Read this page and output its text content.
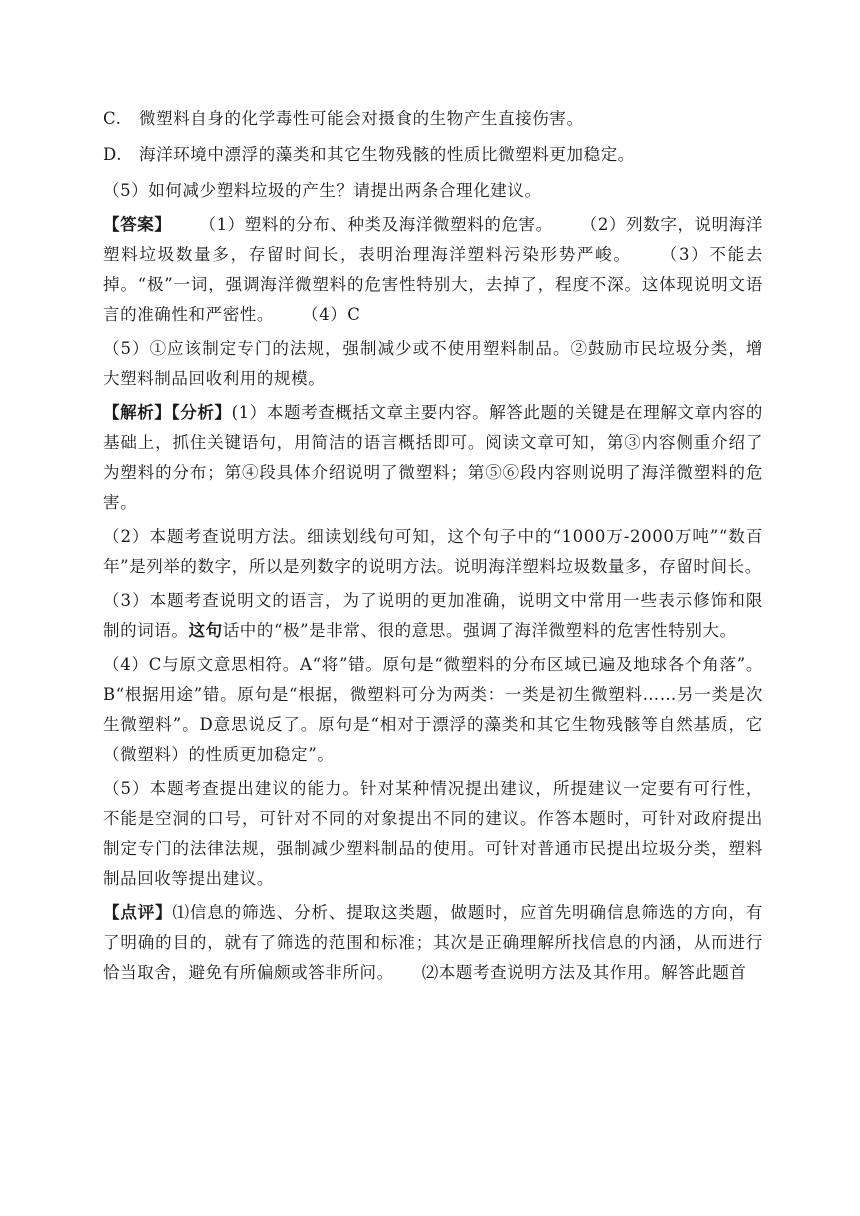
C. 微塑料自身的化学毒性可能会对摄食的生物产生直接伤害。

D. 海洋环境中漂浮的藻类和其它生物残骸的性质比微塑料更加稳定。

（5）如何减少塑料垃圾的产生？请提出两条合理化建议。

【答案】 （1）塑料的分布、种类及海洋微塑料的危害。 （2）列数字，说明海洋塑料垃圾数量多，存留时间长，表明治理海洋塑料污染形势严峻。 （3）不能去掉。“极”一词，强调海洋微塑料的危害性特别大，去掉了，程度不深。这体现说明文语言的准确性和严密性。 （4）C

（5）①应该制定专门的法规，强制减少或不使用塑料制品。②鼓励市民垃圾分类，增大塑料制品回收利用的规模。

【解析】【分析】(1）本题考查概括文章主要内容。解答此题的关键是在理解文章内容的基础上，抓住关键语句，用简洁的语言概括即可。阅读文章可知，第③内容侧重介绍了为塑料的分布；第④段具体介绍说明了微塑料；第⑤⑥段内容则说明了海洋微塑料的危害。

（2）本题考查说明方法。细读划线句可知，这个句子中的“1000万-2000万吨”“数百年”是列举的数字，所以是列数字的说明方法。说明海洋塑料垃圾数量多，存留时间长。

（3）本题考查说明文的语言，为了说明的更加准确，说明文中常用一些表示修饰和限制的词语。这句话中的“极”是非常、很的意思。强调了海洋微塑料的危害性特别大。

（4）C与原文意思相符。A“将”错。原句是“微塑料的分布区域已遍及地球各个角落”。B“根据用途”错。原句是“根据，微塑料可分为两类：一类是初生微塑料……另一类是次生微塑料”。D意思说反了。原句是“相对于漂浮的藻类和其它生物残骸等自然基质，它（微塑料）的性质更加稳定”。

（5）本题考查提出建议的能力。针对某种情况提出建议，所提建议一定要有可行性，不能是空洞的口号，可针对不同的对象提出不同的建议。作答本题时，可针对政府提出制定专门的法律法规，强制减少塑料制品的使用。可针对普通市民提出垃圾分类，塑料制品回收等提出建议。

【点评】⑴信息的筛选、分析、提取这类题，做题时，应首先明确信息筛选的方向，有了明确的目的，就有了筛选的范围和标准；其次是正确理解所找信息的内涵，从而进行恰当取舍，避免有所偏颇或答非所问。 ⑵本题考查说明方法及其作用。解答此题首
